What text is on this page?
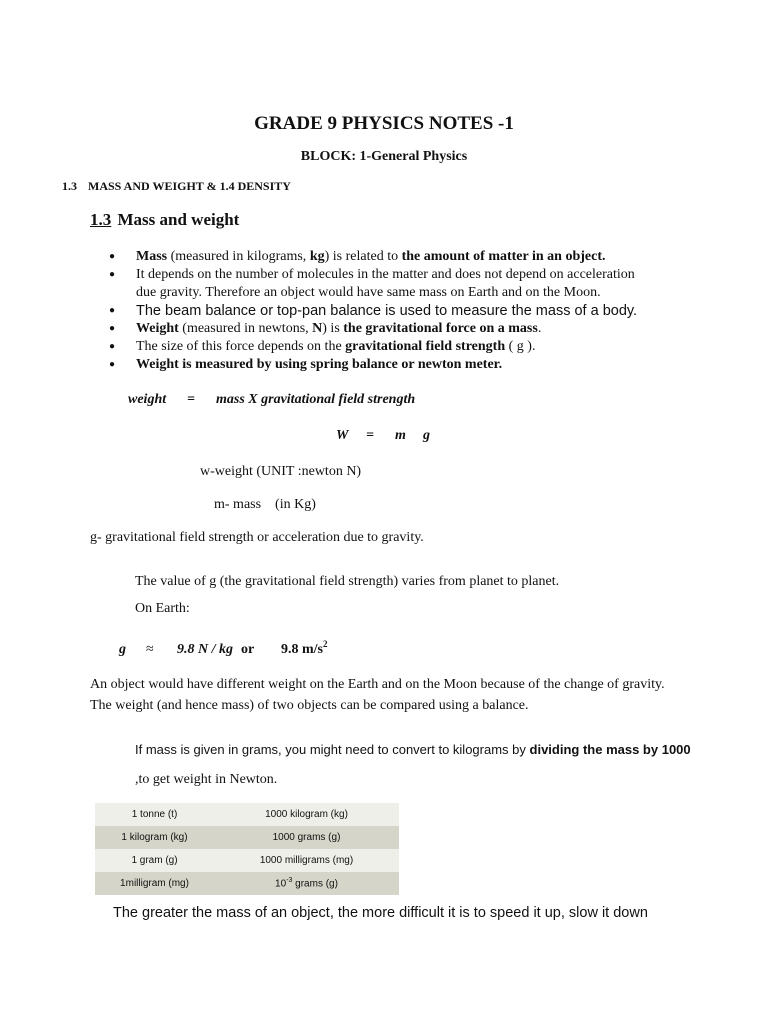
GRADE 9 PHYSICS NOTES -1
BLOCK: 1-General Physics
1.3 MASS AND WEIGHT & 1.4 DENSITY
1.3 Mass and weight
● Mass (measured in kilograms, kg) is related to the amount of matter in an object.
● It depends on the number of molecules in the matter and does not depend on acceleration
due gravity. Therefore an object would have same mass on Earth and on the Moon.
● The beam balance or top-pan balance is used to measure the mass of a body.
● Weight (measured in newtons, N) is the gravitational force on a mass.
● The size of this force depends on the gravitational field strength ( g ).
● Weight is measured by using spring balance or newton meter.
weight = mass X gravitational field strength
W = m g
w-weight (UNIT :newton N)
m- mass    (in Kg)
g- gravitational field strength or acceleration due to gravity.
The value of g (the gravitational field strength) varies from planet to planet.
On Earth:
g ≈ 9.8 N / kg or 9.8 $m/s^2$
An object would have different weight on the Earth and on the Moon because of the change of gravity. The weight (and hence mass) of two objects can be compared using a balance.
If mass is given in grams, you might need to convert to kilograms by dividing the mass by 1000 ,to get weight in Newton.
1 tonne (t)	1000 kilogram (kg)
1 kilogram (kg)	1000 grams (g)
1 gram (g)	1000 milligrams (mg)
1milligram (mg)	$10^{-3}$ grams (g)
The greater the mass of an object, the more difficult it is to speed it up, slow it down
